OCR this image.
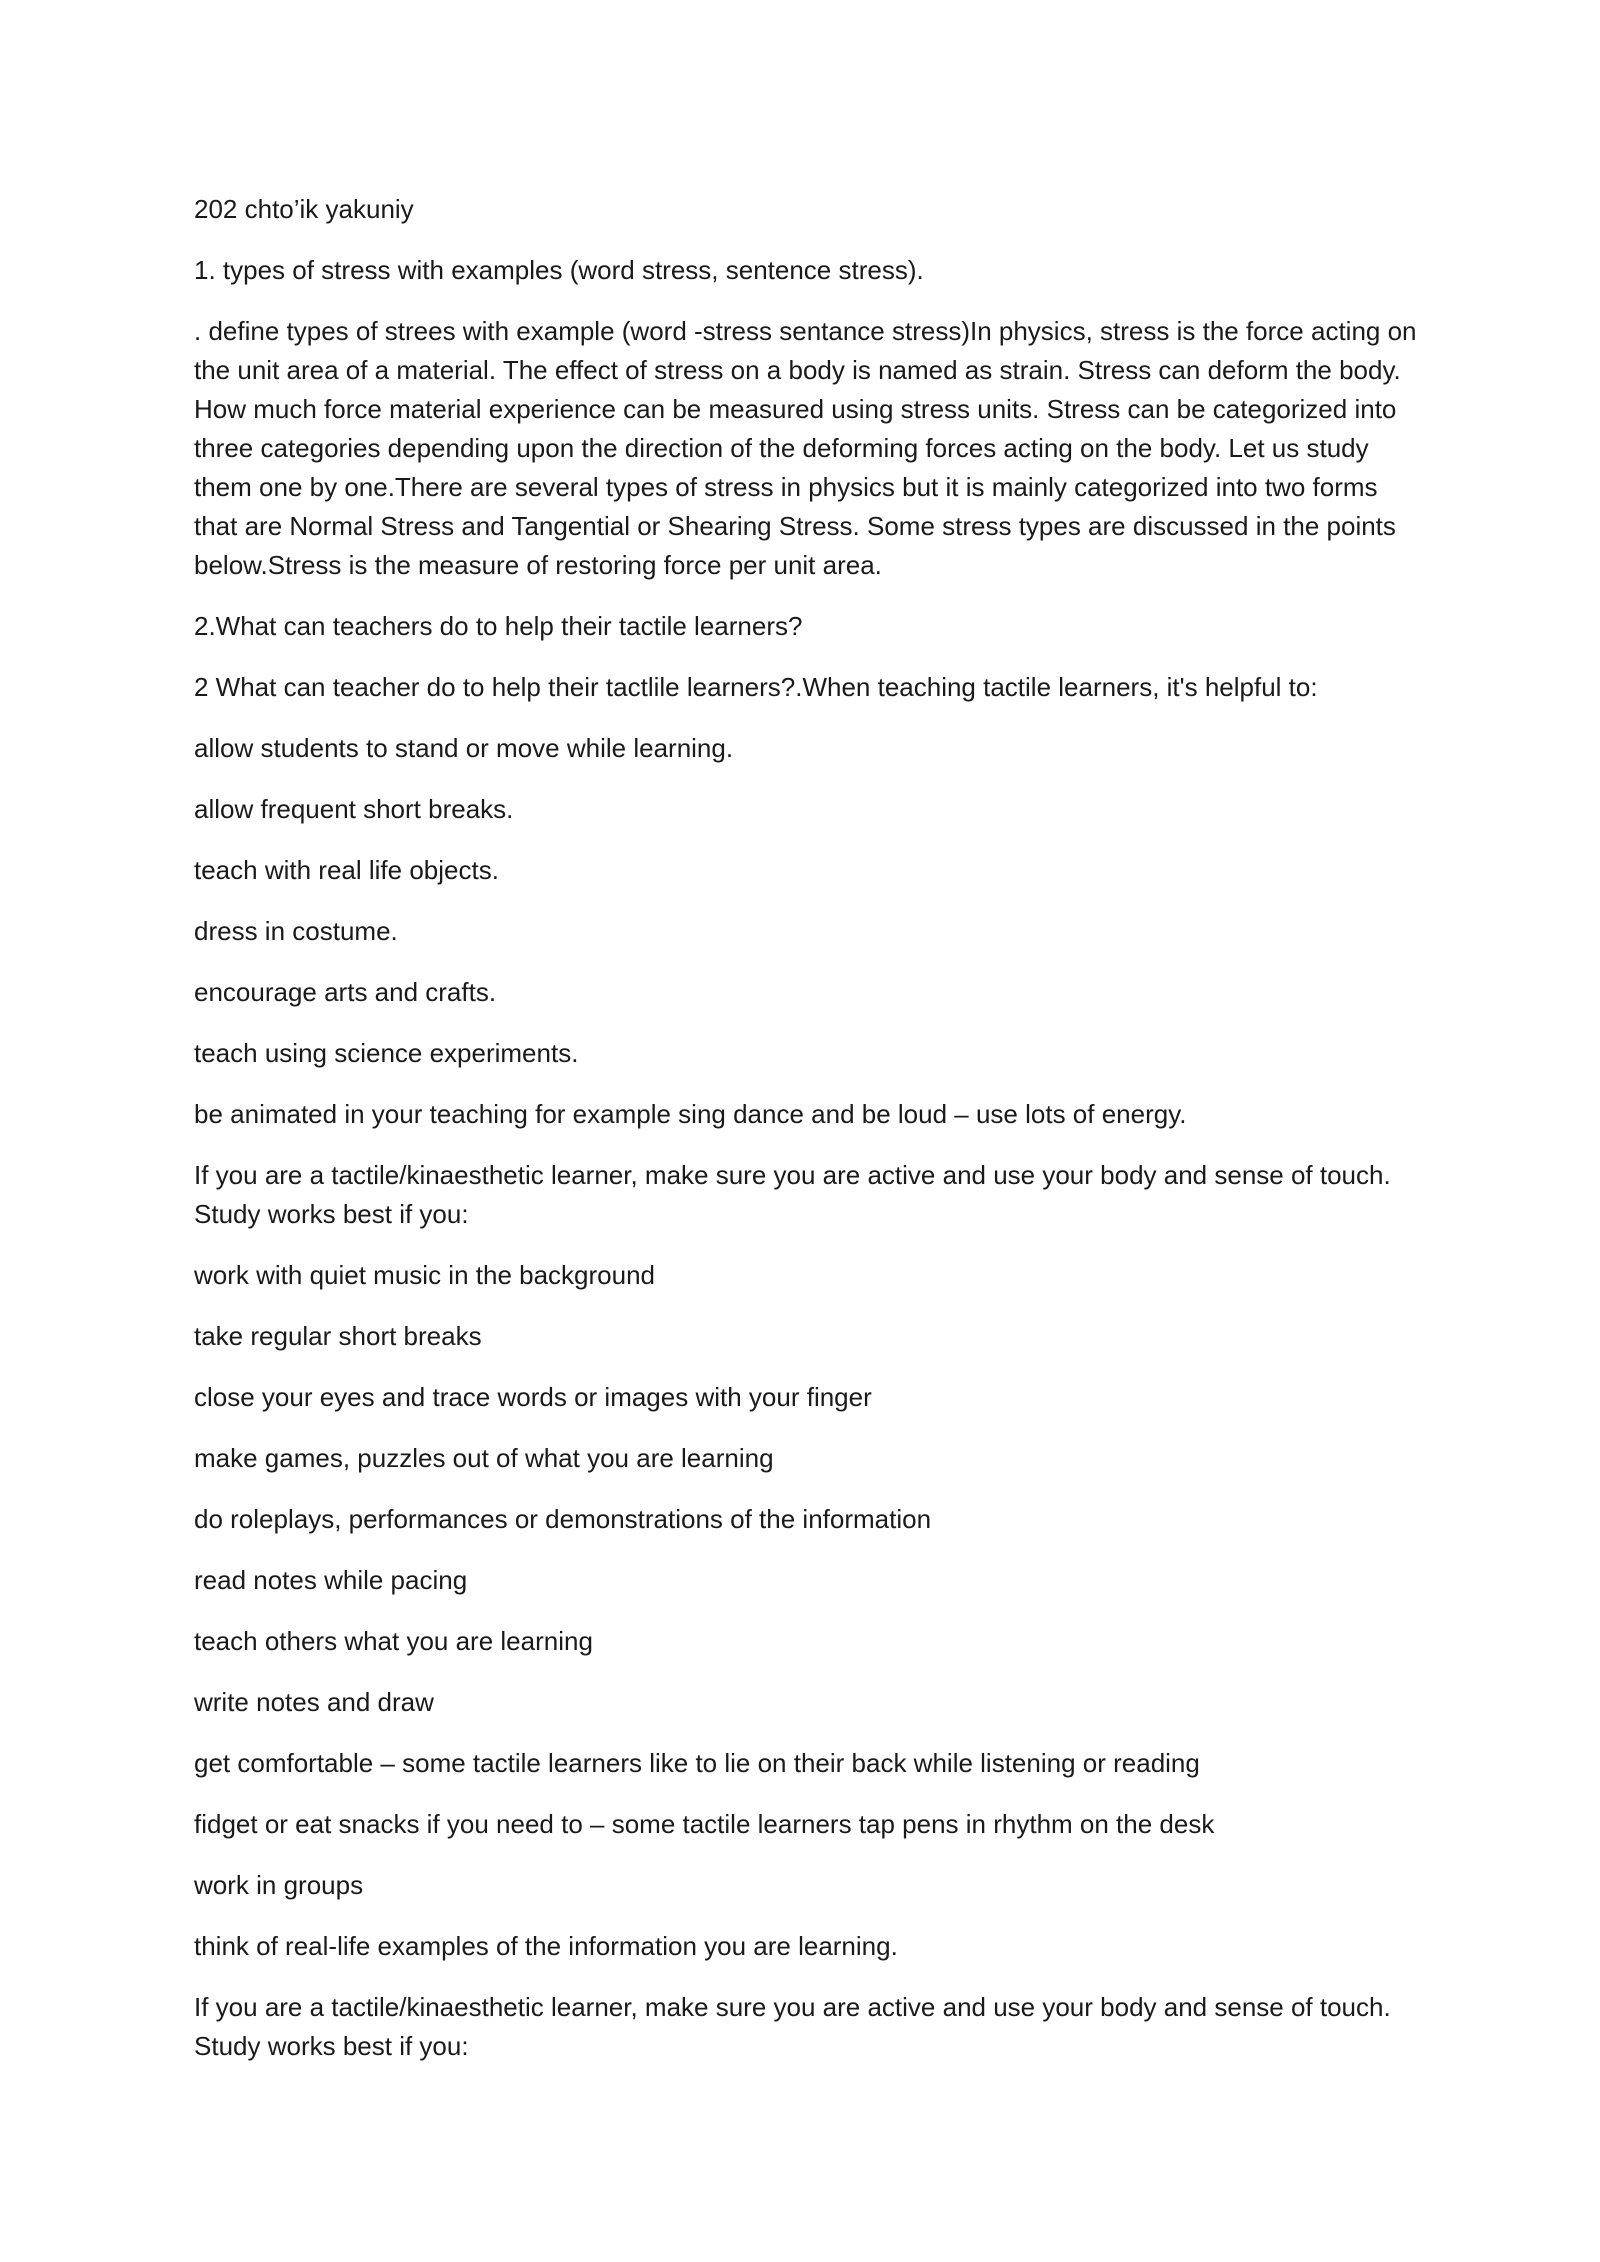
202 chto’ik yakuniy

1. types of stress with examples (word stress, sentence stress).

. define types of strees with example (word -stress sentance stress)In physics, stress is the force acting on the unit area of a material. The effect of stress on a body is named as strain. Stress can deform the body. How much force material experience can be measured using stress units. Stress can be categorized into three categories depending upon the direction of the deforming forces acting on the body. Let us study them one by one.There are several types of stress in physics but it is mainly categorized into two forms that are Normal Stress and Tangential or Shearing Stress. Some stress types are discussed in the points below.Stress is the measure of restoring force per unit area.

2.What can teachers do to help their tactile learners?

2 What can teacher do to help their tactlile learners?.When teaching tactile learners, it's helpful to:

allow students to stand or move while learning.

allow frequent short breaks.

teach with real life objects.

dress in costume.

encourage arts and crafts.

teach using science experiments.

be animated in your teaching for example sing dance and be loud – use lots of energy.

If you are a tactile/kinaesthetic learner, make sure you are active and use your body and sense of touch. Study works best if you:

work with quiet music in the background

take regular short breaks

close your eyes and trace words or images with your finger

make games, puzzles out of what you are learning

do roleplays, performances or demonstrations of the information

read notes while pacing

teach others what you are learning

write notes and draw

get comfortable – some tactile learners like to lie on their back while listening or reading

fidget or eat snacks if you need to – some tactile learners tap pens in rhythm on the desk

work in groups

think of real-life examples of the information you are learning.

If you are a tactile/kinaesthetic learner, make sure you are active and use your body and sense of touch. Study works best if you:
